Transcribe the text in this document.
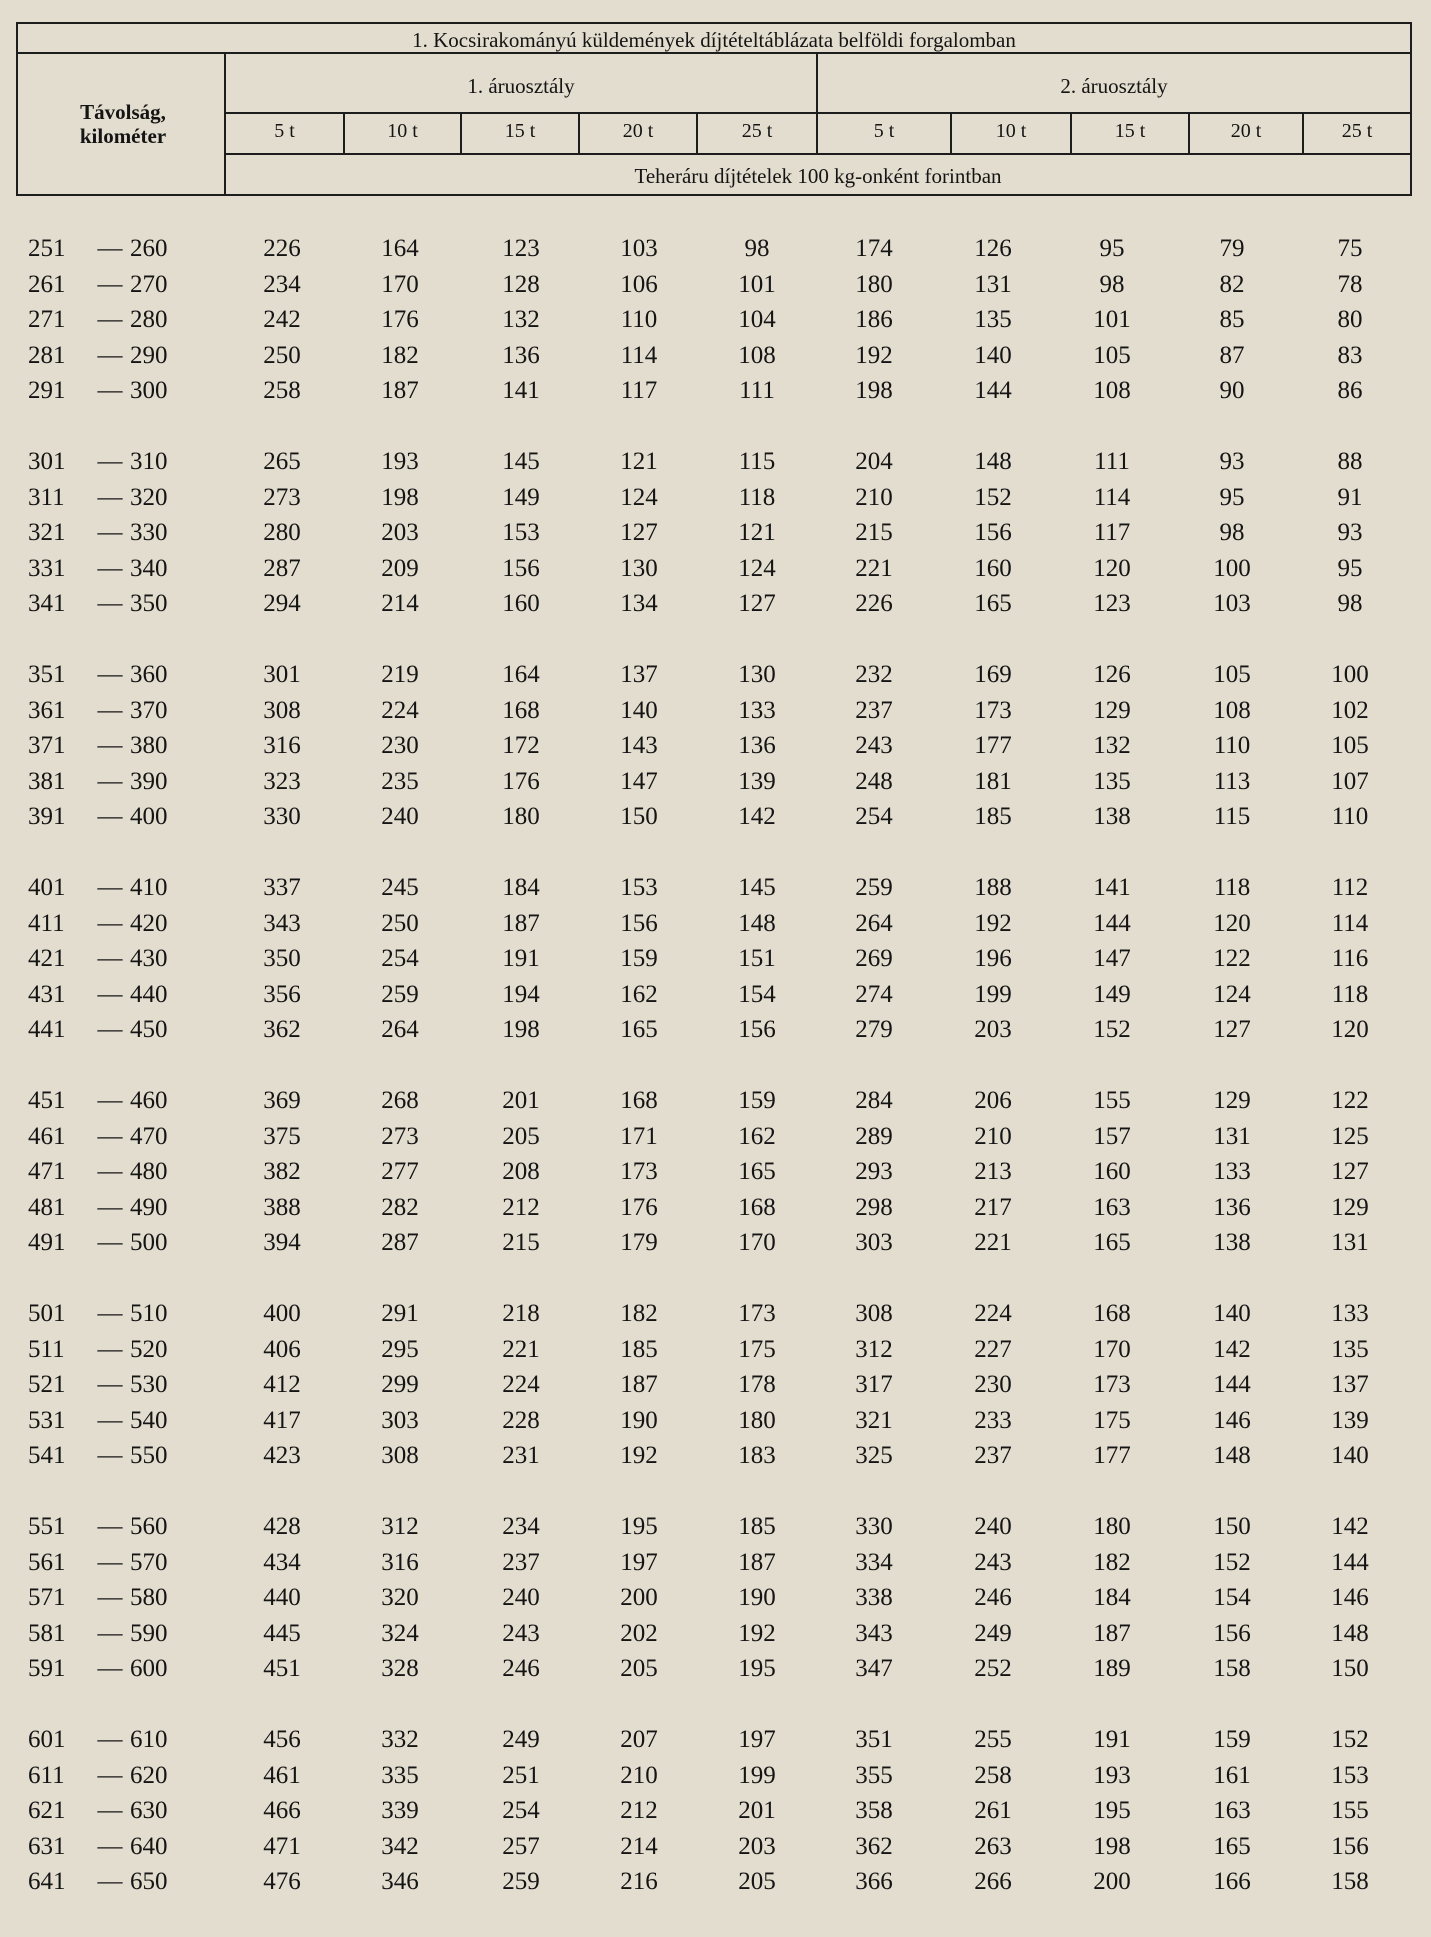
1. Kocsirakományú küldemények díjtételtáblázata belföldi forgalomban
Távolság, kilométer
1. áruosztály	2. áruosztály
Teheráru díjtételek 100 kg-onként forintban
5 t	10 t	15 t	20 t	25 t	5 t	10 t	15 t	20 t	25 t
251	— 260	226	164	123	103	98	174	126	95	79	75
261	— 270	234	170	128	106	101	180	131	98	82	78
271	— 280	242	176	132	110	104	186	135	101	85	80
281	— 290	250	182	136	114	108	192	140	105	87	83
291	— 300	258	187	141	117	111	198	144	108	90	86
301	— 310	265	193	145	121	115	204	148	111	93	88
311	— 320	273	198	149	124	118	210	152	114	95	91
321	— 330	280	203	153	127	121	215	156	117	98	93
331	— 340	287	209	156	130	124	221	160	120	100	95
341	— 350	294	214	160	134	127	226	165	123	103	98
351	— 360	301	219	164	137	130	232	169	126	105	100
361	— 370	308	224	168	140	133	237	173	129	108	102
371	— 380	316	230	172	143	136	243	177	132	110	105
381	— 390	323	235	176	147	139	248	181	135	113	107
391	— 400	330	240	180	150	142	254	185	138	115	110
401	— 410	337	245	184	153	145	259	188	141	118	112
411	— 420	343	250	187	156	148	264	192	144	120	114
421	— 430	350	254	191	159	151	269	196	147	122	116
431	— 440	356	259	194	162	154	274	199	149	124	118
441	— 450	362	264	198	165	156	279	203	152	127	120
451	— 460	369	268	201	168	159	284	206	155	129	122
461	— 470	375	273	205	171	162	289	210	157	131	125
471	— 480	382	277	208	173	165	293	213	160	133	127
481	— 490	388	282	212	176	168	298	217	163	136	129
491	— 500	394	287	215	179	170	303	221	165	138	131
501	— 510	400	291	218	182	173	308	224	168	140	133
511	— 520	406	295	221	185	175	312	227	170	142	135
521	— 530	412	299	224	187	178	317	230	173	144	137
531	— 540	417	303	228	190	180	321	233	175	146	139
541	— 550	423	308	231	192	183	325	237	177	148	140
551	— 560	428	312	234	195	185	330	240	180	150	142
561	— 570	434	316	237	197	187	334	243	182	152	144
571	— 580	440	320	240	200	190	338	246	184	154	146
581	— 590	445	324	243	202	192	343	249	187	156	148
591	— 600	451	328	246	205	195	347	252	189	158	150
601	— 610	456	332	249	207	197	351	255	191	159	152
611	— 620	461	335	251	210	199	355	258	193	161	153
621	— 630	466	339	254	212	201	358	261	195	163	155
631	— 640	471	342	257	214	203	362	263	198	165	156
641	— 650	476	346	259	216	205	366	266	200	166	158
